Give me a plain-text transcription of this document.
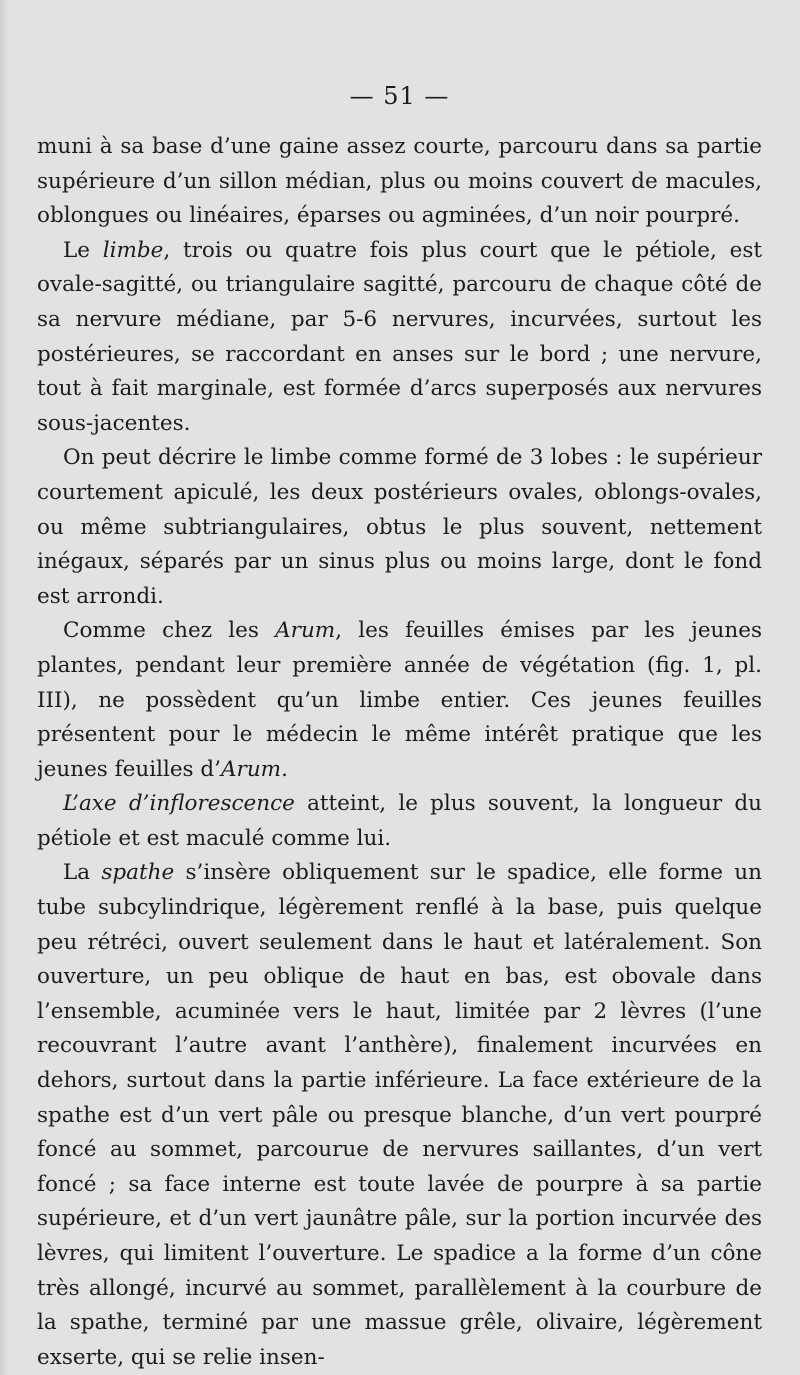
— 51 —

muni à sa base d’une gaine assez courte, parcouru dans sa partie supérieure d’un sillon médian, plus ou moins couvert de macules, oblongues ou linéaires, éparses ou agminées, d’un noir pourpré.

Le limbe, trois ou quatre fois plus court que le pétiole, est ovale-sagitté, ou triangulaire sagitté, parcouru de chaque côté de sa nervure médiane, par 5-6 nervures, incurvées, surtout les postérieures, se raccordant en anses sur le bord ; une nervure, tout à fait marginale, est formée d’arcs superposés aux nervures sous-jacentes.

On peut décrire le limbe comme formé de 3 lobes : le supérieur courtement apiculé, les deux postérieurs ovales, oblongs-ovales, ou même subtriangulaires, obtus le plus souvent, nettement inégaux, séparés par un sinus plus ou moins large, dont le fond est arrondi.

Comme chez les Arum, les feuilles émises par les jeunes plantes, pendant leur première année de végétation (fig. 1, pl. III), ne possèdent qu’un limbe entier. Ces jeunes feuilles présentent pour le médecin le même intérêt pratique que les jeunes feuilles d’Arum.

L’axe d’inflorescence atteint, le plus souvent, la longueur du pétiole et est maculé comme lui.

La spathe s’insère obliquement sur le spadice, elle forme un tube subcylindrique, légèrement renflé à la base, puis quelque peu rétréci, ouvert seulement dans le haut et latéralement. Son ouverture, un peu oblique de haut en bas, est obovale dans l’ensemble, acuminée vers le haut, limitée par 2 lèvres (l’une recouvrant l’autre avant l’anthère), finalement incurvées en dehors, surtout dans la partie inférieure. La face extérieure de la spathe est d’un vert pâle ou presque blanche, d’un vert pourpré foncé au sommet, parcourue de nervures saillantes, d’un vert foncé ; sa face interne est toute lavée de pourpre à sa partie supérieure, et d’un vert jaunâtre pâle, sur la portion incurvée des lèvres, qui limitent l’ouverture. Le spadice a la forme d’un cône très allongé, incurvé au sommet, parallèlement à la courbure de la spathe, terminé par une massue grêle, olivaire, légèrement exserte, qui se relie insen-
